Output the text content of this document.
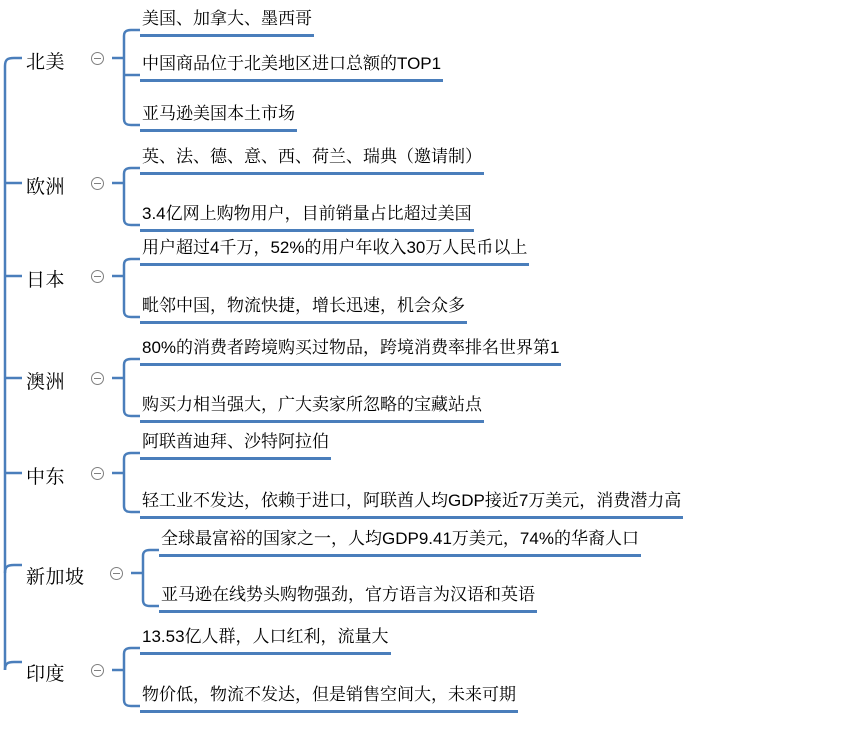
北美
美国、加拿大、墨西哥
中国商品位于北美地区进口总额的TOP1
亚马逊美国本土市场
欧洲
英、法、德、意、西、荷兰、瑞典（邀请制）
3.4亿网上购物用户，目前销量占比超过美国
日本
用户超过4千万，52%的用户年收入30万人民币以上
毗邻中国，物流快捷，增长迅速，机会众多
澳洲
80%的消费者跨境购买过物品，跨境消费率排名世界第1
购买力相当强大，广大卖家所忽略的宝藏站点
中东
阿联酋迪拜、沙特阿拉伯
轻工业不发达，依赖于进口，阿联酋人均GDP接近7万美元，消费潜力高
新加坡
全球最富裕的国家之一，人均GDP9.41万美元，74%的华裔人口
亚马逊在线势头购物强劲，官方语言为汉语和英语
印度
13.53亿人群，人口红利，流量大
物价低，物流不发达，但是销售空间大，未来可期
